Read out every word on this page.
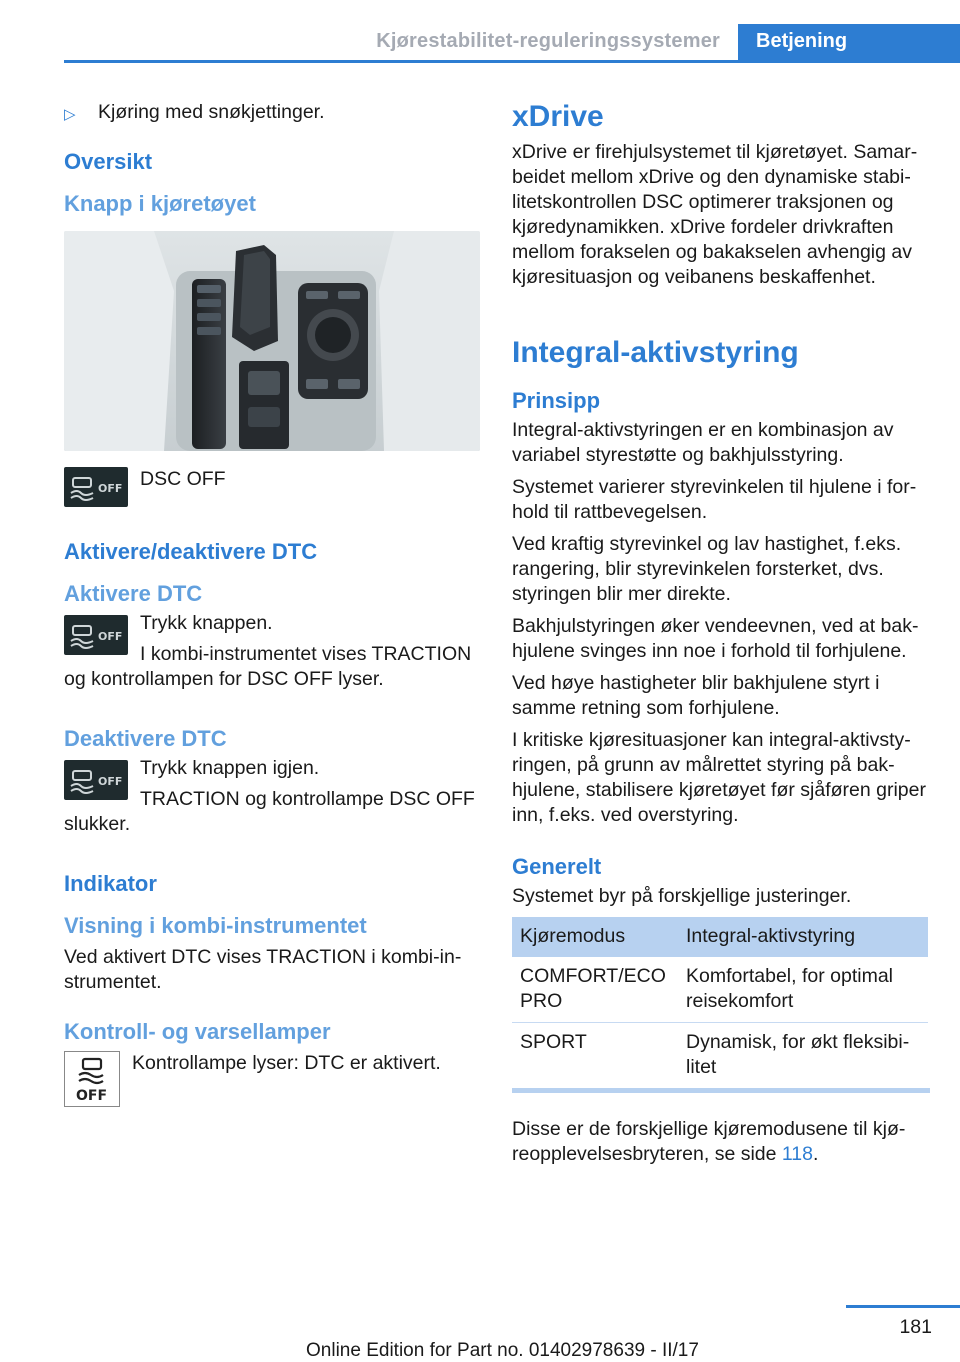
Kjørestabilitet-reguleringssystemer	Betjening
▷	Kjøring med snøkjettinger.
Oversikt
Knapp i kjøretøyet
OFF DSC OFF

Aktivere/deaktivere DTC
Aktivere DTC
OFF

Trykk knappen.

I kombi-instrumentet vises TRACTION og kontrollampen for DSC OFF lyser.

Deaktivere DTC
OFF

Trykk knappen igjen.

TRACTION og kontrollampe DSC OFF slukker.

Indikator
Visning i kombi-instrumentet

Ved aktivert DTC vises TRACTION i kombi-instrumentet.

Kontroll- og varsellamper
OFF

Kontrollampe lyser: DTC er aktivert.

xDrive

xDrive er firehjulsystemet til kjøretøyet. Samarbeidet mellom xDrive og den dynamiske stabilitetskontrollen DSC optimerer traksjonen og kjøredynamikken. xDrive fordeler drivkraften mellom forakselen og bakakselen avhengig av kjøresituasjon og veibanens beskaffenhet.

Integral-aktivstyring
Prinsipp

Integral-aktivstyringen er en kombinasjon av variabel styrestøtte og bakhjulsstyring.

Systemet varierer styrevinkelen til hjulene i forhold til rattbevegelsen.

Ved kraftig styrevinkel og lav hastighet, f.eks. rangering, blir styrevinkelen forsterket, dvs. styringen blir mer direkte.

Bakhjulstyringen øker vendeevnen, ved at bakhjulene svinges inn noe i forhold til forhjulene.

Ved høye hastigheter blir bakhjulene styrt i samme retning som forhjulene.

I kritiske kjøresituasjoner kan integral-aktivstyringen, på grunn av målrettet styring på bakhjulene, stabilisere kjøretøyet før sjåføren griper inn, f.eks. ved overstyring.

Generelt

Systemet byr på forskjellige justeringer.

Kjøremodus	Integral-aktivstyring
COMFORT/ECO PRO	Komfortabel, for optimal reisekomfort
SPORT	Dynamisk, for økt fleksibilitet

Disse er de forskjellige kjøremodusene til kjøreopplevelsesbryteren, se side 118.

181
Online Edition for Part no. 01402978639 - II/17
